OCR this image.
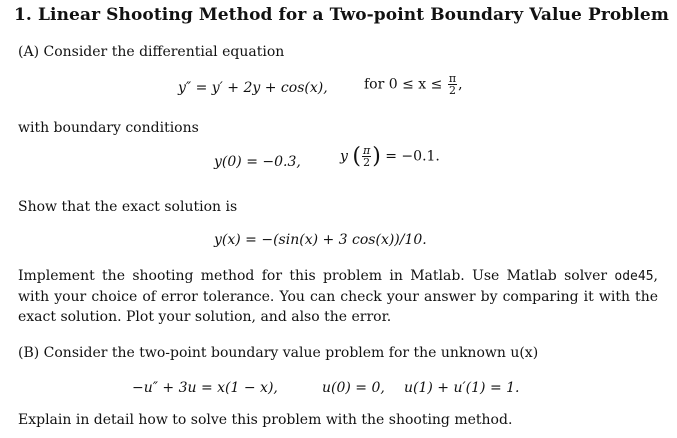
1. Linear Shooting Method for a Two-point Boundary Value Problem
(A) Consider the differential equation
y″ = y′ + 2y + cos(x),	for $0 \le x \le \frac{\pi}{2}$ ,
with boundary conditions
y(0) = −0.3,	y ( $\frac{\pi}{2}$ ) = −0.1.
Show that the exact solution is
y(x) = −(sin(x) + 3 cos(x))/10.
Implement the shooting method for this problem in Matlab. Use Matlab solver ode45, with your choice of error tolerance. You can check your answer by comparing it with the exact solution. Plot your solution, and also the error.
(B) Consider the two-point boundary value problem for the unknown u(x)
−u″ + 3u = x(1 − x),	u(0) = 0, u(1) + u′(1) = 1.
Explain in detail how to solve this problem with the shooting method.
